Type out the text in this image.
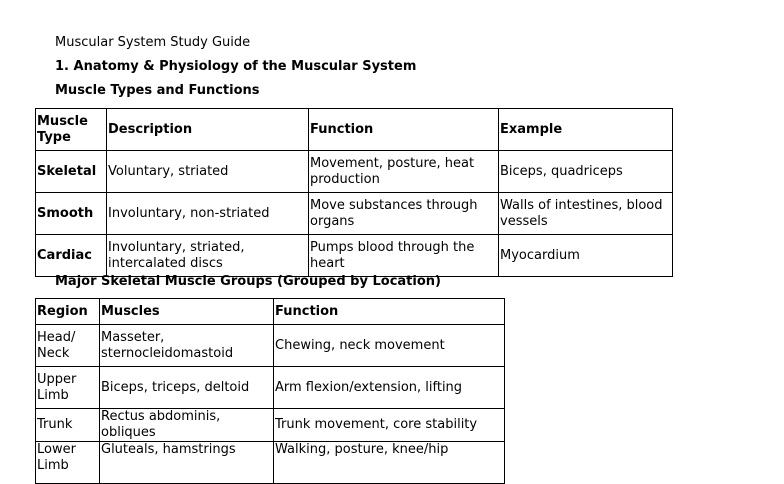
Muscular System Study Guide
1. Anatomy & Physiology of the Muscular System
Muscle Types and Functions
Muscle Type	Description	Function	Example
Skeletal	Voluntary, striated	Movement, posture, heat production	Biceps, quadriceps
Smooth	Involuntary, non-striated	Move substances through organs	Walls of intestines, blood vessels
Cardiac	Involuntary, striated, intercalated discs	Pumps blood through the heart	Myocardium
Major Skeletal Muscle Groups (Grouped by Location)
Region	Muscles	Function
Head/ Neck	Masseter, sternocleidomastoid	Chewing, neck movement
Upper Limb	Biceps, triceps, deltoid	Arm flexion/extension, lifting
Trunk	Rectus abdominis, obliques	Trunk movement, core stability
Lower Limb	Gluteals, hamstrings	Walking, posture, knee/hip
